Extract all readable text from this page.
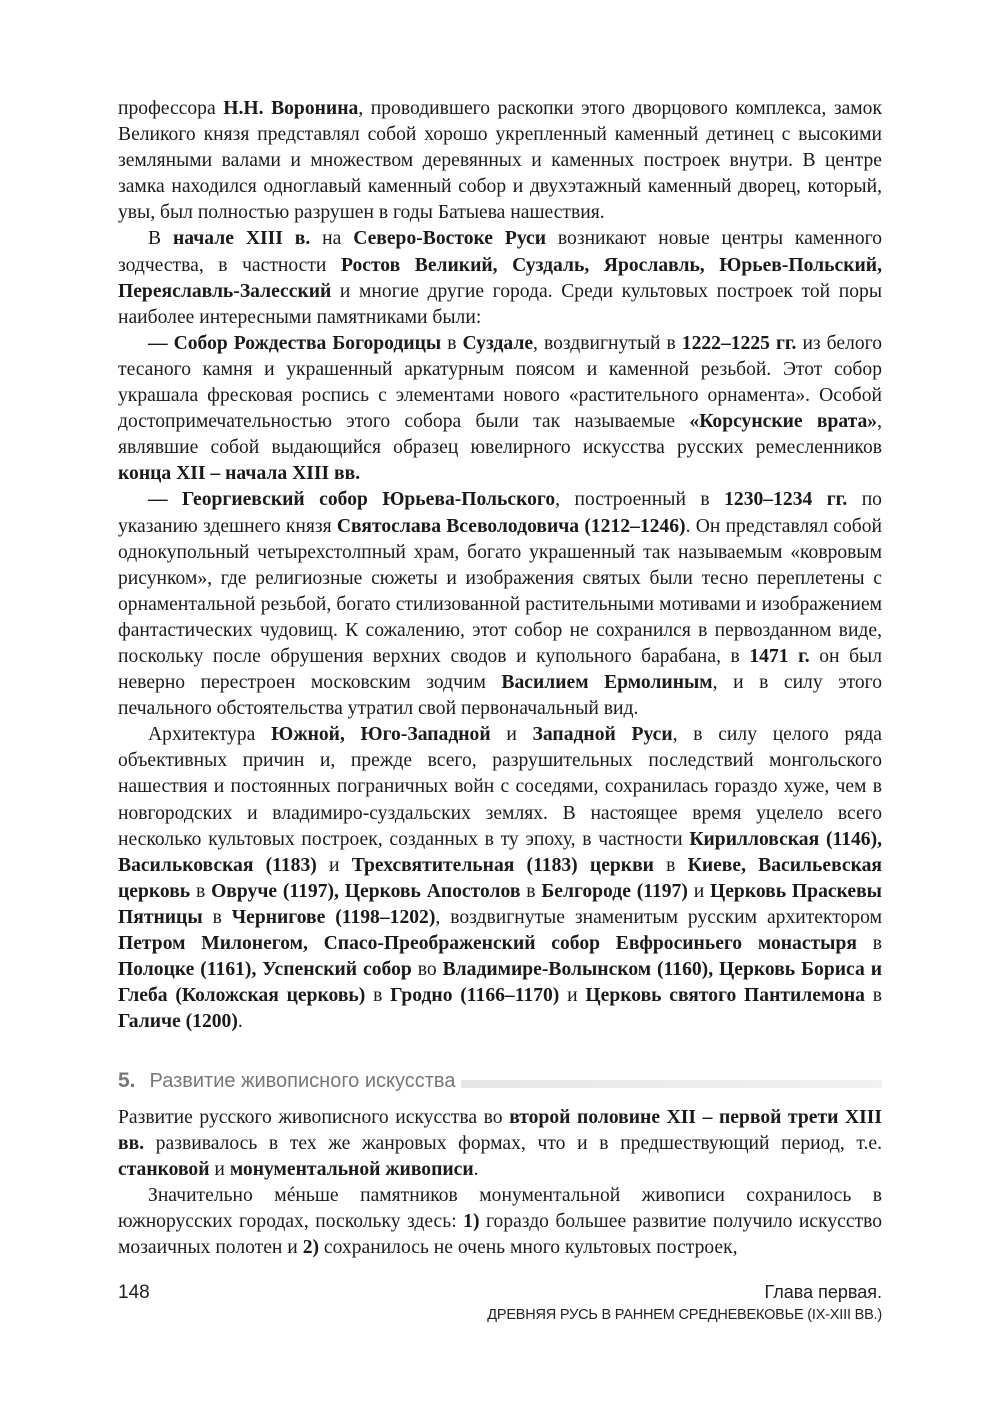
профессора Н.Н. Воронина, проводившего раскопки этого дворцового комплекса, замок Великого князя представлял собой хорошо укрепленный каменный детинец с высокими земляными валами и множеством деревянных и каменных построек внутри. В центре замка находился одноглавый каменный собор и двухэтажный каменный дворец, который, увы, был полностью разрушен в годы Батыева нашествия.

В начале XIII в. на Северо-Востоке Руси возникают новые центры каменного зодчества, в частности Ростов Великий, Суздаль, Ярославль, Юрьев-Польский, Переяславль-Залесский и многие другие города. Среди культовых построек той поры наиболее интересными памятниками были:

— Собор Рождества Богородицы в Суздале, воздвигнутый в 1222–1225 гг. из белого тесаного камня и украшенный аркатурным поясом и каменной резьбой. Этот собор украшала фресковая роспись с элементами нового «растительного орнамента». Особой достопримечательностью этого собора были так называемые «Корсунские врата», являвшие собой выдающийся образец ювелирного искусства русских ремесленников конца XII – начала XIII вв.

— Георгиевский собор Юрьева-Польского, построенный в 1230–1234 гг. по указанию здешнего князя Святослава Всеволодовича (1212–1246). Он представлял собой однокупольный четырехстолпный храм, богато украшенный так называемым «ковровым рисунком», где религиозные сюжеты и изображения святых были тесно переплетены с орнаментальной резьбой, богато стилизованной растительными мотивами и изображением фантастических чудовищ. К сожалению, этот собор не сохранился в первозданном виде, поскольку после обрушения верхних сводов и купольного барабана, в 1471 г. он был неверно перестроен московским зодчим Василием Ермолиным, и в силу этого печального обстоятельства утратил свой первоначальный вид.

Архитектура Южной, Юго-Западной и Западной Руси, в силу целого ряда объективных причин и, прежде всего, разрушительных последствий монгольского нашествия и постоянных пограничных войн с соседями, сохранилась гораздо хуже, чем в новгородских и владимиро-суздальских землях. В настоящее время уцелело всего несколько культовых построек, созданных в ту эпоху, в частности Кирилловская (1146), Васильковская (1183) и Трехсвятительная (1183) церкви в Киеве, Васильевская церковь в Овруче (1197), Церковь Апостолов в Белгороде (1197) и Церковь Праскевы Пятницы в Чернигове (1198–1202), воздвигнутые знаменитым русским архитектором Петром Милонегом, Спасо-Преображенский собор Евфросиньего монастыря в Полоцке (1161), Успенский собор во Владимире-Волынском (1160), Церковь Бориса и Глеба (Коложская церковь) в Гродно (1166–1170) и Церковь святого Пантилемона в Галиче (1200).

5. Развитие живописного искусства

Развитие русского живописного искусства во второй половине XII – первой трети XIII вв. развивалось в тех же жанровых формах, что и в предшествующий период, т.е. станковой и монументальной живописи.

Значительно мéньше памятников монументальной живописи сохранилось в южнорусских городах, поскольку здесь: 1) гораздо большее развитие получило искусство мозаичных полотен и 2) сохранилось не очень много культовых построек,

148	Глава первая.
ДРЕВНЯЯ РУСЬ В РАННЕМ СРЕДНЕВЕКОВЬЕ (IX-XIII ВВ.)
